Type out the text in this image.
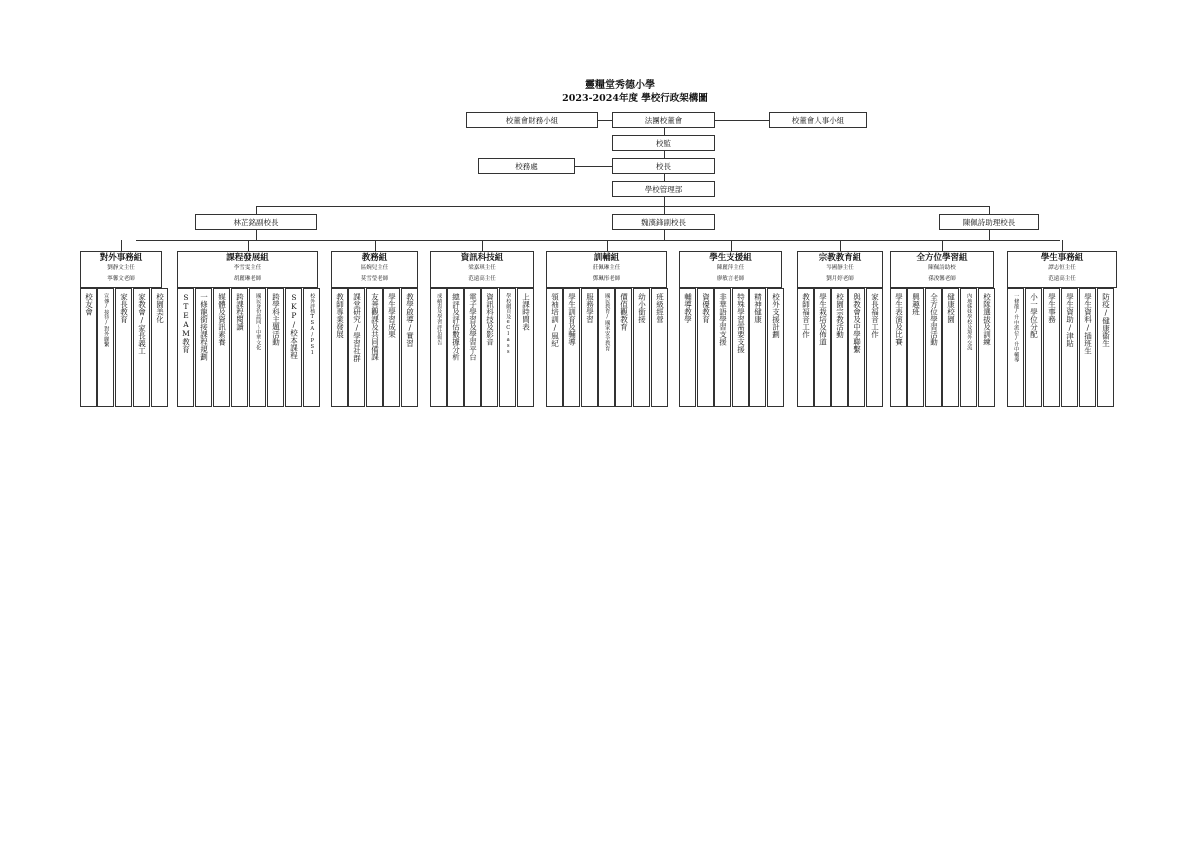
靈糧堂秀德小學
2023-2024年度 學校行政架構圖
校董會財務小組	法團校董會	校董會人事小組
校監
校務處	校長
學校管理部
林芷銘副校長	魏漢鋒副校長	陳佩詩助理校長
對外事務組
劉靜文主任
寧馨文老師
校友會 宣傳/接待/對外聯繫 家長教育 家教會/家長義工 校園美化
課程發展組
李雪雯主任
胡麗琳老師
STEAM教育 一條龍銜接課程規劃 媒體及資訊素養 跨課程閱讀 國民身份認同～中華文化 跨學科主題活動 SKP/校本課程 校外評核TSA/PS1
教務組
區婉兒主任
莫雪瑩老師
教師專業發展 課堂研究/學習社群 友善觀課及共同備課 學生學習成果 教學啟導/實習
資訊科技組
梁嘉琪主任
范遠高主任
成績表及學習評估報告 總評及評估數據分析 電子學習及學習平台 資訊科技及影音 學校網頁及eClass 上課時間表
訓輔組
莊佩琳主任
鄧珮彤老師
領袖培訓/風紀 學生訓育及輔導 服務學習 國民教育/國家安全教育 價值觀教育 幼小銜接 班級經營
學生支援組
陳麗萍主任
廖敏言老師
輔導教學 資優教育 非華語學習支援 特殊學習需要支援 精神健康 校外支援計劃
宗教教育組
岑國靜主任
劉月婷老師
教師福音工作 學生栽培及佈道 校園宗教活動 與教會及中學聯繫 家長福音工作
全方位學習組
陳佩詩助校
孫浚馨老師
學生表演及比賽 興趣班 全方位學習活動 健康校園 內地姊妹學校及境外交流 校隊選拔及訓練
學生事務組
譚志恒主任
范遠高主任
一條龍/升中派位/升中輔導 小一學位分配 學生事務 學生資助/津貼 學生資料/插班生 防疫/健康衞生
